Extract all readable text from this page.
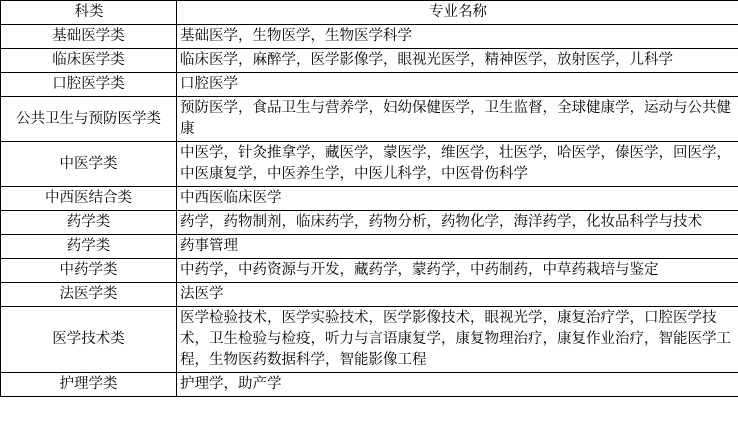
科类	专业名称
基础医学类	基础医学，生物医学，生物医学科学
临床医学类	临床医学，麻醉学，医学影像学，眼视光医学，精神医学，放射医学，儿科学
口腔医学类	口腔医学
公共卫生与预防医学类	预防医学，食品卫生与营养学，妇幼保健医学，卫生监督，全球健康学，运动与公共健康
中医学类	中医学，针灸推拿学，藏医学，蒙医学，维医学，壮医学，哈医学，傣医学，回医学，中医康复学，中医养生学，中医儿科学，中医骨伤科学
中西医结合类	中西医临床医学
药学类	药学，药物制剂，临床药学，药物分析，药物化学，海洋药学，化妆品科学与技术
药学类	药事管理
中药学类	中药学，中药资源与开发，藏药学，蒙药学，中药制药，中草药栽培与鉴定
法医学类	法医学
医学技术类	医学检验技术，医学实验技术，医学影像技术，眼视光学，康复治疗学，口腔医学技术，卫生检验与检疫，听力与言语康复学，康复物理治疗，康复作业治疗，智能医学工程，生物医药数据科学，智能影像工程
护理学类	护理学，助产学
